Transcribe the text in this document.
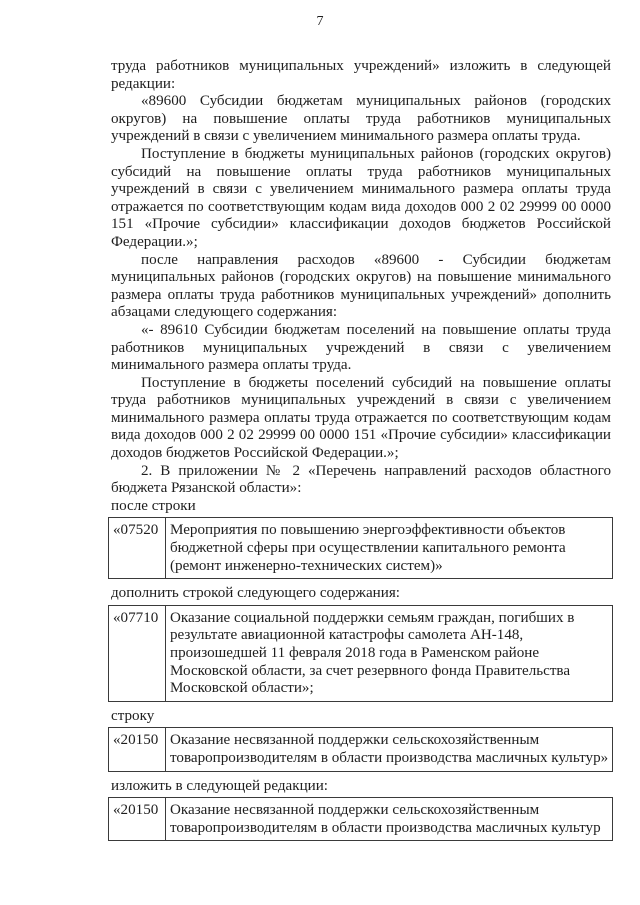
7

труда работников муниципальных учреждений» изложить в следующей редакции:

«89600 Субсидии бюджетам муниципальных районов (городских округов) на повышение оплаты труда работников муниципальных учреждений в связи с увеличением минимального размера оплаты труда.

Поступление в бюджеты муниципальных районов (городских округов) субсидий на повышение оплаты труда работников муниципальных учреждений в связи с увеличением минимального размера оплаты труда отражается по соответствующим кодам вида доходов 000 2 02 29999 00 0000 151 «Прочие субсидии» классификации доходов бюджетов Российской Федерации.»;

после направления расходов «89600 - Субсидии бюджетам муниципальных районов (городских округов) на повышение минимального размера оплаты труда работников муниципальных учреждений» дополнить абзацами следующего содержания:

«- 89610 Субсидии бюджетам поселений на повышение оплаты труда работников муниципальных учреждений в связи с увеличением минимального размера оплаты труда.

Поступление в бюджеты поселений субсидий на повышение оплаты труда работников муниципальных учреждений в связи с увеличением минимального размера оплаты труда отражается по соответствующим кодам вида доходов 000 2 02 29999 00 0000 151 «Прочие субсидии» классификации доходов бюджетов Российской Федерации.»;

2. В приложении № 2 «Перечень направлений расходов областного бюджета Рязанской области»:

после строки

«07520	Мероприятия по повышению энергоэффективности объектов бюджетной сферы при осуществлении капитального ремонта (ремонт инженерно-технических систем)»

дополнить строкой следующего содержания:

«07710	Оказание социальной поддержки семьям граждан, погибших в результате авиационной катастрофы самолета АН-148, произошедшей 11 февраля 2018 года в Раменском районе Московской области, за счет резервного фонда Правительства Московской области»;

строку

«20150	Оказание несвязанной поддержки сельскохозяйственным товаропроизводителям в области производства масличных культур»

изложить в следующей редакции:

«20150	Оказание несвязанной поддержки сельскохозяйственным товаропроизводителям в области производства масличных культур
